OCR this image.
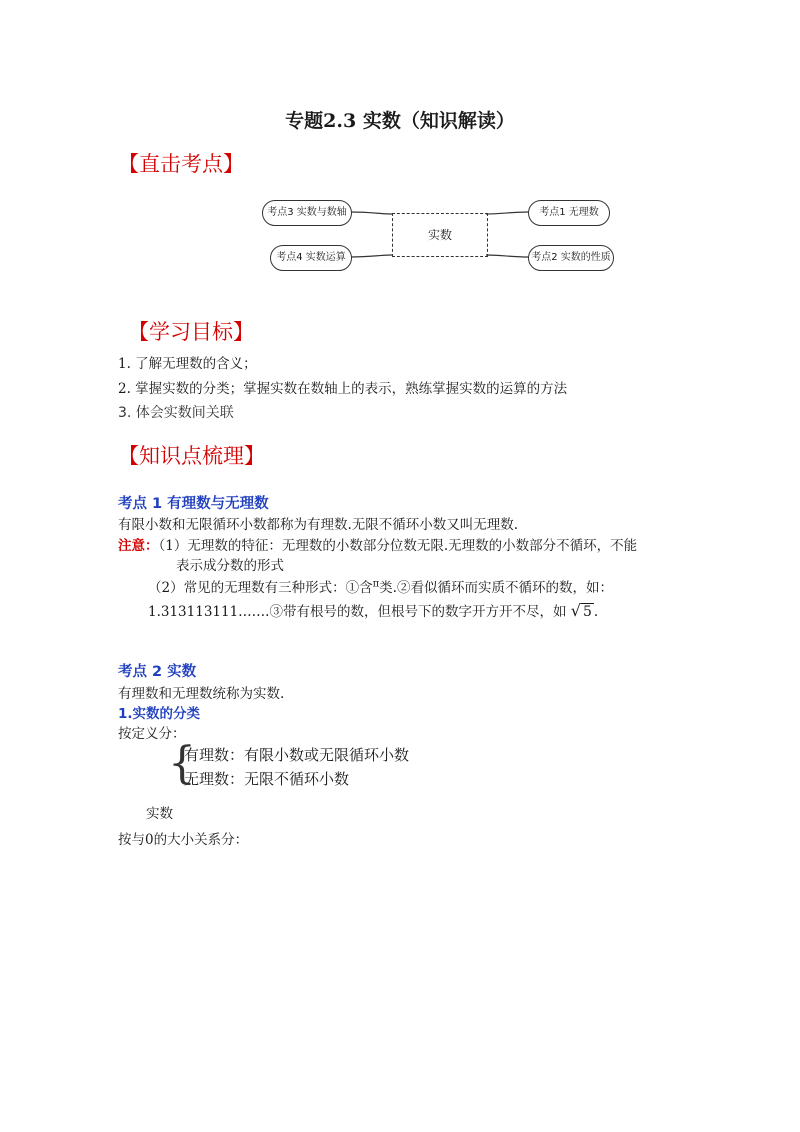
专题2.3 实数（知识解读）
【直击考点】
考点3 实数与数轴
考点4 实数运算
实数
考点1 无理数
考点2 实数的性质
【学习目标】
1. 了解无理数的含义；
2. 掌握实数的分类；掌握实数在数轴上的表示，熟练掌握实数的运算的方法
3. 体会实数间关联
【知识点梳理】
考点 1 有理数与无理数
有限小数和无限循环小数都称为有理数.无限不循环小数又叫无理数.
注意：（1）无理数的特征：无理数的小数部分位数无限.无理数的小数部分不循环，不能
表示成分数的形式
（2）常见的无理数有三种形式：①含$^\pi$类.②看似循环而实质不循环的数，如：
1.313113111…….③带有根号的数，但根号下的数字开方开不尽，如 √ 5 .
考点 2 实数
有理数和无理数统称为实数.
1.实数的分类
按定义分：
{
有理数：有限小数或无限循环小数
无理数：无限不循环小数
实数
按与0的大小关系分：
